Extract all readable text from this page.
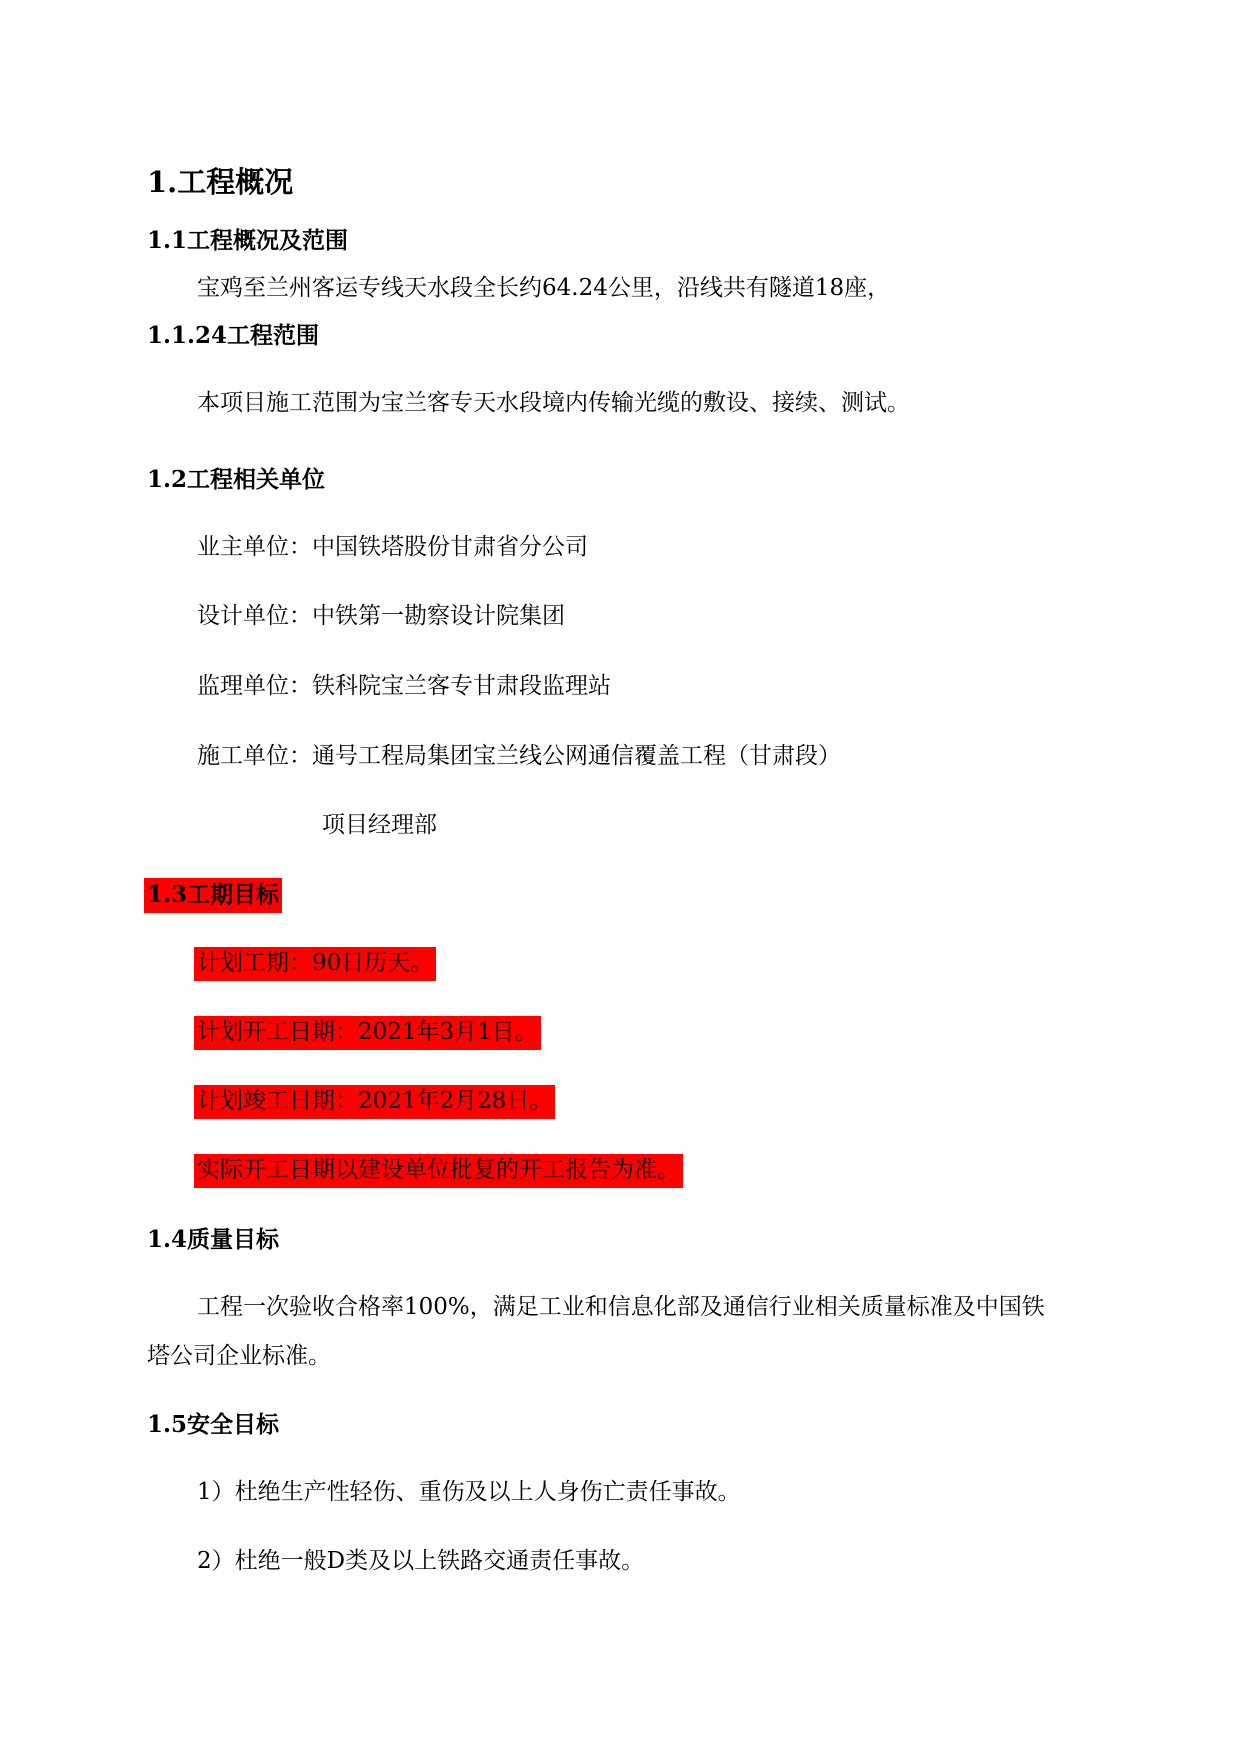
1.工程概况
1.1工程概况及范围
宝鸡至兰州客运专线天水段全长约64.24公里，沿线共有隧道18座，
1.1.24工程范围
本项目施工范围为宝兰客专天水段境内传输光缆的敷设、接续、测试。
1.2工程相关单位
业主单位：中国铁塔股份甘肃省分公司
设计单位：中铁第一勘察设计院集团
监理单位：铁科院宝兰客专甘肃段监理站
施工单位：通号工程局集团宝兰线公网通信覆盖工程（甘肃段）
项目经理部
1.3工期目标
计划工期：90日历天。
计划开工日期：2021年3月1日。
计划竣工日期：2021年2月28日。
实际开工日期以建设单位批复的开工报告为准。
1.4质量目标
工程一次验收合格率100%，满足工业和信息化部及通信行业相关质量标准及中国铁
塔公司企业标准。
1.5安全目标
1）杜绝生产性轻伤、重伤及以上人身伤亡责任事故。
2）杜绝一般D类及以上铁路交通责任事故。
